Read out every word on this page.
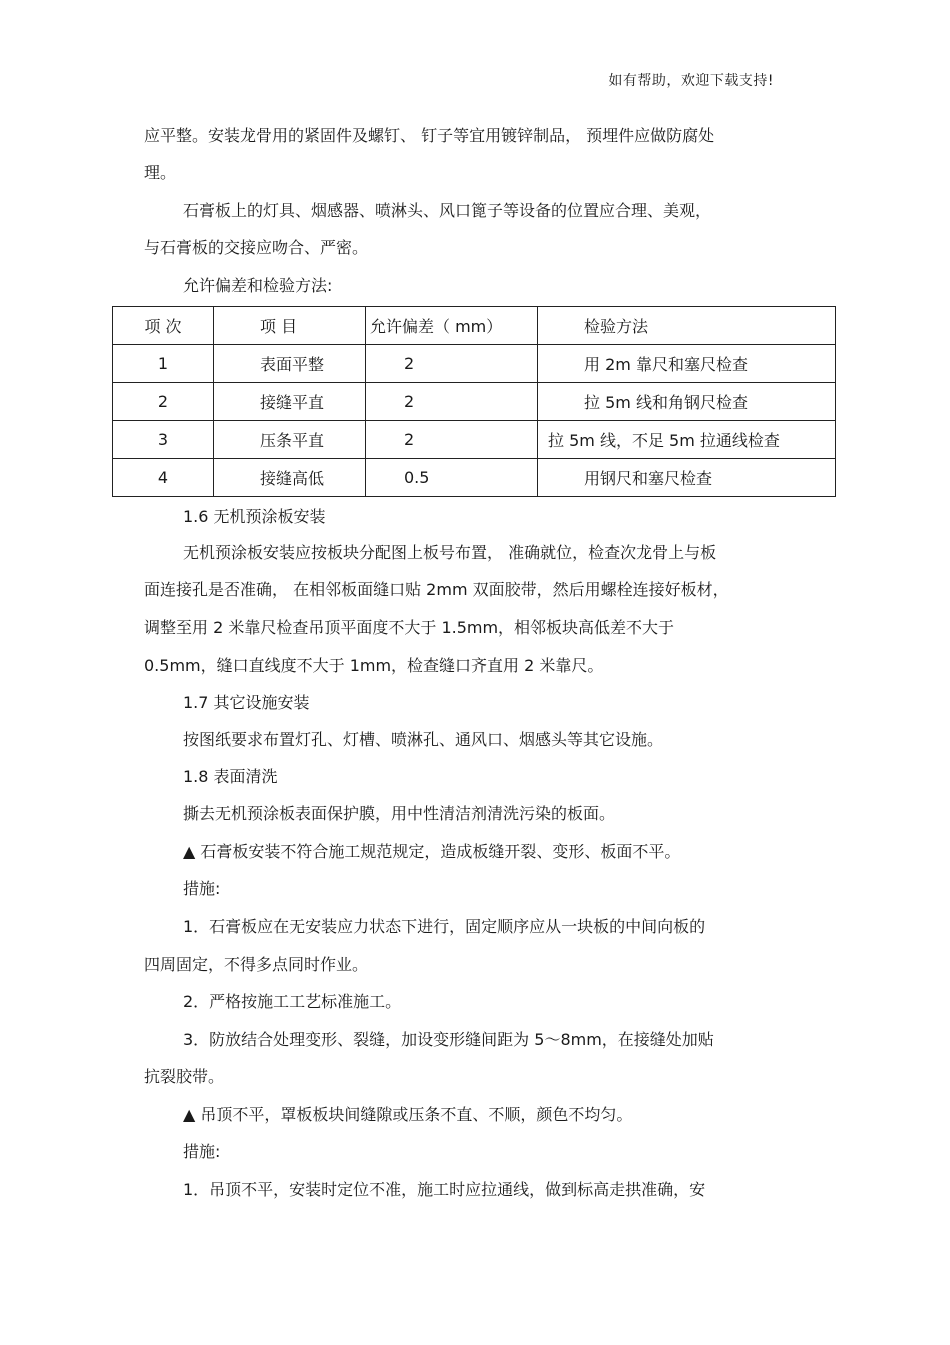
如有帮助，欢迎下载支持!
应平整。安装龙骨用的紧固件及螺钉、 钉子等宜用镀锌制品， 预埋件应做防腐处
理。
石膏板上的灯具、烟感器、喷淋头、风口篦子等设备的位置应合理、美观，
与石膏板的交接应吻合、严密。
允许偏差和检验方法:
项 次	项 目	允许偏差（ mm）	检验方法
1	表面平整	2	用 2m 靠尺和塞尺检查
2	接缝平直	2	拉 5m 线和角钢尺检查
3	压条平直	2	拉 5m 线，不足 5m 拉通线检查
4	接缝高低	0.5	用钢尺和塞尺检查
1.6 无机预涂板安装
无机预涂板安装应按板块分配图上板号布置， 准确就位，检查次龙骨上与板
面连接孔是否准确， 在相邻板面缝口贴 2mm 双面胶带，然后用螺栓连接好板材，
调整至用 2 米靠尺检查吊顶平面度不大于 1.5mm，相邻板块高低差不大于
0.5mm，缝口直线度不大于 1mm，检查缝口齐直用 2 米靠尺。
1.7 其它设施安装
按图纸要求布置灯孔、灯槽、喷淋孔、通风口、烟感头等其它设施。
1.8 表面清洗
撕去无机预涂板表面保护膜，用中性清洁剂清洗污染的板面。
▲ 石膏板安装不符合施工规范规定，造成板缝开裂、变形、板面不平。
措施:
1．石膏板应在无安装应力状态下进行，固定顺序应从一块板的中间向板的
四周固定，不得多点同时作业。
2．严格按施工工艺标准施工。
3．防放结合处理变形、裂缝，加设变形缝间距为 5～8mm，在接缝处加贴
抗裂胶带。
▲ 吊顶不平，罩板板块间缝隙或压条不直、不顺，颜色不均匀。
措施:
1．吊顶不平，安装时定位不准，施工时应拉通线，做到标高走拱准确，安
